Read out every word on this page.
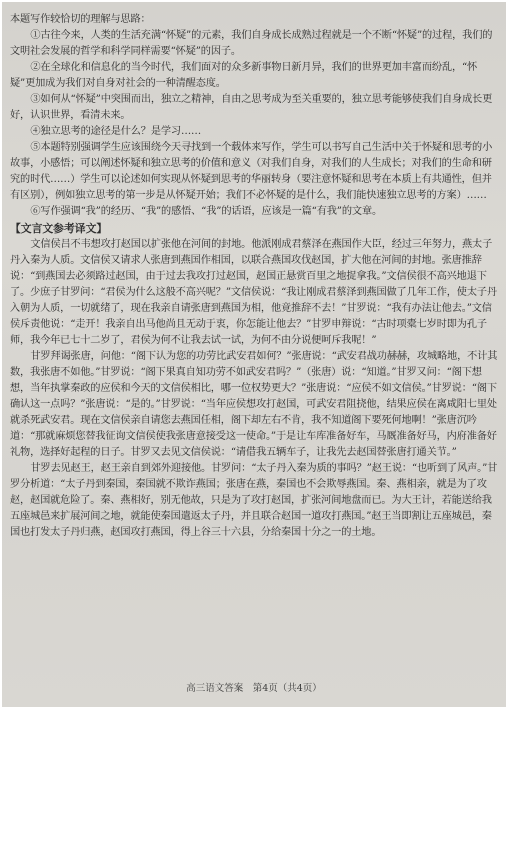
本题写作较恰切的理解与思路：

①古往今来，人类的生活充满“怀疑”的元素，我们自身成长成熟过程就是一个不断“怀疑”的过程，我们的文明社会发展的哲学和科学同样需要“怀疑”的因子。

②在全球化和信息化的当今时代，我们面对的众多新事物日新月异，我们的世界更加丰富而纷乱，“怀疑”更加成为我们对自身对社会的一种清醒态度。

③如何从“怀疑”中突围而出，独立之精神，自由之思考成为至关重要的，独立思考能够使我们自身成长更好，认识世界，看清未来。

④独立思考的途径是什么？是学习……

⑤本题特别强调学生应该围绕今天寻找到一个载体来写作，学生可以书写自己生活中关于怀疑和思考的小故事，小感悟；可以阐述怀疑和独立思考的价值和意义（对我们自身，对我们的人生成长；对我们的生命和研究的时代……）学生可以论述如何实现从怀疑到思考的华丽转身（要注意怀疑和思考在本质上有共通性，但并有区别），例如独立思考的第一步是从怀疑开始；我们不必怀疑的是什么，我们能快速独立思考的方案）……

⑥写作强调“我”的经历、“我”的感悟、“我”的话语，应该是一篇“有我”的文章。

【文言文参考译文】

文信侯吕不韦想攻打赵国以扩张他在河间的封地。他派刚成君蔡泽在燕国作大臣，经过三年努力，燕太子丹入秦为人质。文信侯又请求人张唐到燕国作相国，以联合燕国攻伐赵国，扩大他在河间的封地。张唐推辞说：“到燕国去必须路过赵国，由于过去我攻打过赵国，赵国正悬赏百里之地捉拿我。”文信侯很不高兴地退下了。少庶子甘罗问：“君侯为什么这般不高兴呢？”文信侯说：“我让刚成君蔡泽到燕国做了几年工作，使太子丹入朝为人质，一切就绪了，现在我亲自请张唐到燕国为相，他竟推辞不去！”甘罗说：“我有办法让他去。”文信侯斥责他说：“走开！我亲自出马他尚且无动于衷，你怎能让他去？”甘罗申辩说：“古时项橐七岁时即为孔子师，我今年已七十二岁了，君侯为何不让我去试一试，为何不由分说便呵斥我呢！”

甘罗拜谒张唐，问他：“阁下认为您的功劳比武安君如何？”张唐说：“武安君战功赫赫，攻城略地，不计其数，我张唐不如他。”甘罗说：“阁下果真自知功劳不如武安君吗？”（张唐）说：“知道。”甘罗又问：“阁下想想，当年执掌秦政的应侯和今天的文信侯相比，哪一位权势更大？”张唐说：“应侯不如文信侯。”甘罗说：“阁下确认这一点吗？”张唐说：“是的。”甘罗说：“当年应侯想攻打赵国，可武安君阻挠他，结果应侯在离咸阳七里处就杀死武安君。现在文信侯亲自请您去燕国任相，阁下却左右不肯，我不知道阁下要死何地啊！”张唐沉吟道：“那就麻烦您替我征询文信侯使我张唐意接受这一使命。”于是让车库准备好车，马厩准备好马，内府准备好礼物，选择好起程的日子。甘罗又去见文信侯说：“请借我五辆车子，让我先去赵国替张唐打通关节。”

甘罗去见赵王，赵王亲自到郊外迎接他。甘罗问：“太子丹入秦为质的事吗？”赵王说：“也听到了风声。”甘罗分析道：“太子丹到秦国，秦国就不欺诈燕国；张唐在燕，秦国也不会欺辱燕国。秦、燕相亲，就是为了攻赵，赵国就危险了。秦、燕相好，别无他故，只是为了攻打赵国，扩张河间地盘而已。为大王计，若能送给我五座城邑来扩展河间之地，就能使秦国遣返太子丹，并且联合赵国一道攻打燕国。”赵王当即割让五座城邑，秦国也打发太子丹归燕，赵国攻打燕国，得上谷三十六县，分给秦国十分之一的土地。

高三语文答案　第4页（共4页）
